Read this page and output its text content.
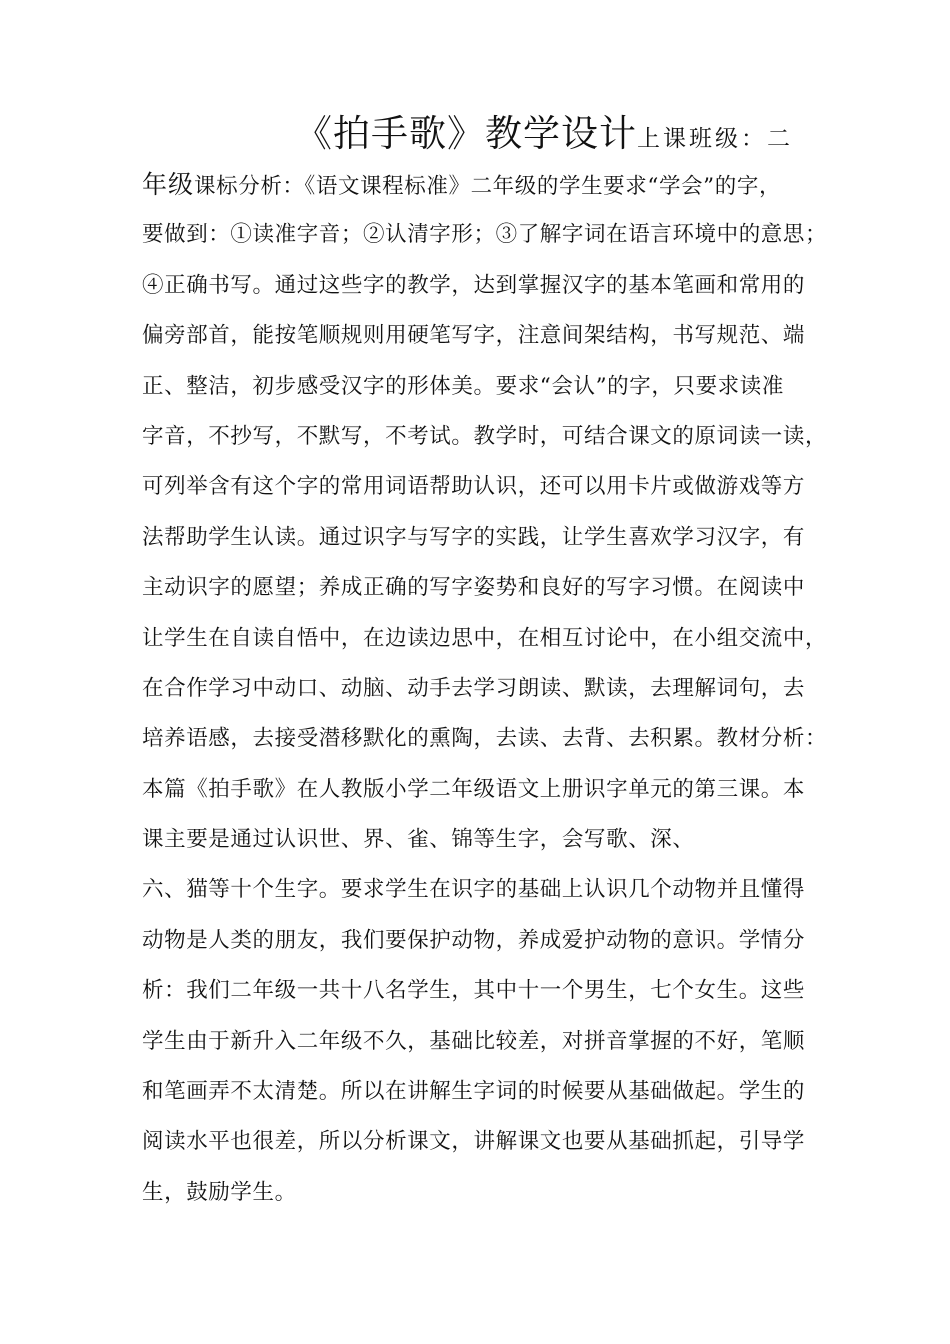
《拍手歌》教学设计上课班级：二
年级课标分析：《语文课程标准》二年级的学生要求“学会”的字，
要做到：①读准字音；②认清字形；③了解字词在语言环境中的意思；
④正确书写。通过这些字的教学，达到掌握汉字的基本笔画和常用的
偏旁部首，能按笔顺规则用硬笔写字，注意间架结构，书写规范、端
正、整洁，初步感受汉字的形体美。要求“会认”的字，只要求读准
字音，不抄写，不默写，不考试。教学时，可结合课文的原词读一读，
可列举含有这个字的常用词语帮助认识，还可以用卡片或做游戏等方
法帮助学生认读。通过识字与写字的实践，让学生喜欢学习汉字，有
主动识字的愿望；养成正确的写字姿势和良好的写字习惯。在阅读中
让学生在自读自悟中，在边读边思中，在相互讨论中，在小组交流中，
在合作学习中动口、动脑、动手去学习朗读、默读，去理解词句，去
培养语感，去接受潜移默化的熏陶，去读、去背、去积累。教材分析：
本篇《拍手歌》在人教版小学二年级语文上册识字单元的第三课。本
课主要是通过认识世、界、雀、锦等生字，会写歌、深、
六、猫等十个生字。要求学生在识字的基础上认识几个动物并且懂得
动物是人类的朋友，我们要保护动物，养成爱护动物的意识。学情分
析：我们二年级一共十八名学生，其中十一个男生，七个女生。这些
学生由于新升入二年级不久，基础比较差，对拼音掌握的不好，笔顺
和笔画弄不太清楚。所以在讲解生字词的时候要从基础做起。学生的
阅读水平也很差，所以分析课文，讲解课文也要从基础抓起，引导学
生，鼓励学生。
